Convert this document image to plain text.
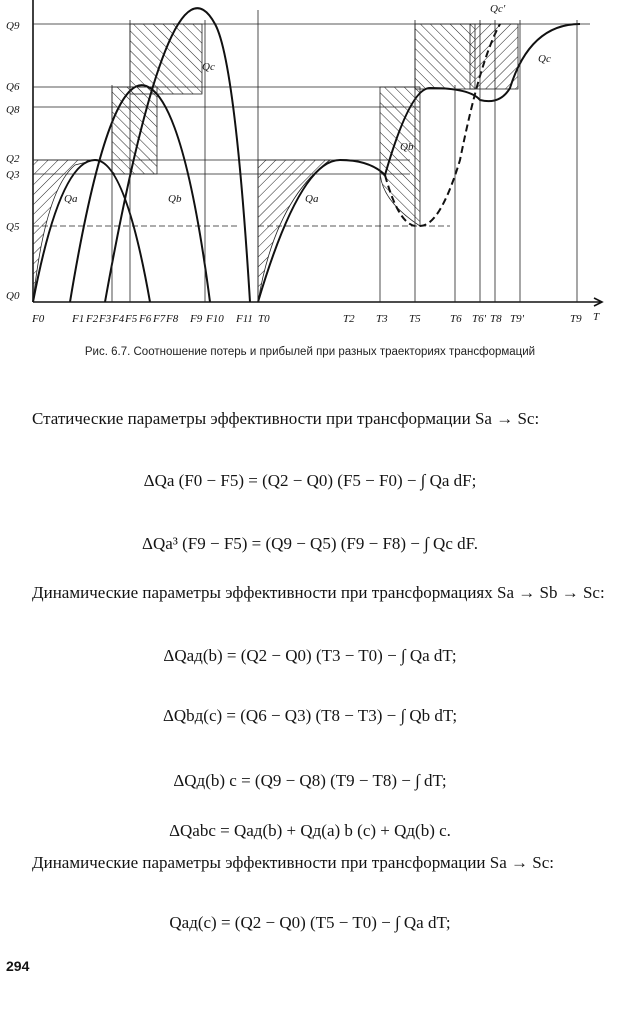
Q9
Q6
Q8
Q2
Q3
Q5
Q0
F0	F1 F2 F3 F4 F5 F6 F7 F8 F9 F10 F11 T0	T2 T3 T5	T6 T6' T8 T9'	T9 T
Qa	Qb
Qc
Qa
Qb
Qc
Qc'
Рис. 6.7. Соотношение потерь и прибылей при разных траекториях трансформаций
Статические параметры эффективности при трансформации Sa → Sc:
ΔQa (F0 − F5) = (Q2 − Q0) (F5 − F0) − ∫ Qa dF;
ΔQa³ (F9 − F5) = (Q9 − Q5) (F9 − F8) − ∫ Qc dF.
Динамические параметры эффективности при трансформациях Sa → Sb → Sc:
ΔQaд(b) = (Q2 − Q0) (T3 − T0) − ∫ Qa dT;
ΔQbд(c) = (Q6 − Q3) (T8 − T3) − ∫ Qb dT;
ΔQд(b) c = (Q9 − Q8) (T9 − T8) − ∫ dT;
ΔQabc = Qaд(b) + Qд(a) b (c) + Qд(b) c.
Динамические параметры эффективности при трансформации Sa → Sc:
Qaд(c) = (Q2 − Q0) (T5 − T0) − ∫ Qa dT;
294
